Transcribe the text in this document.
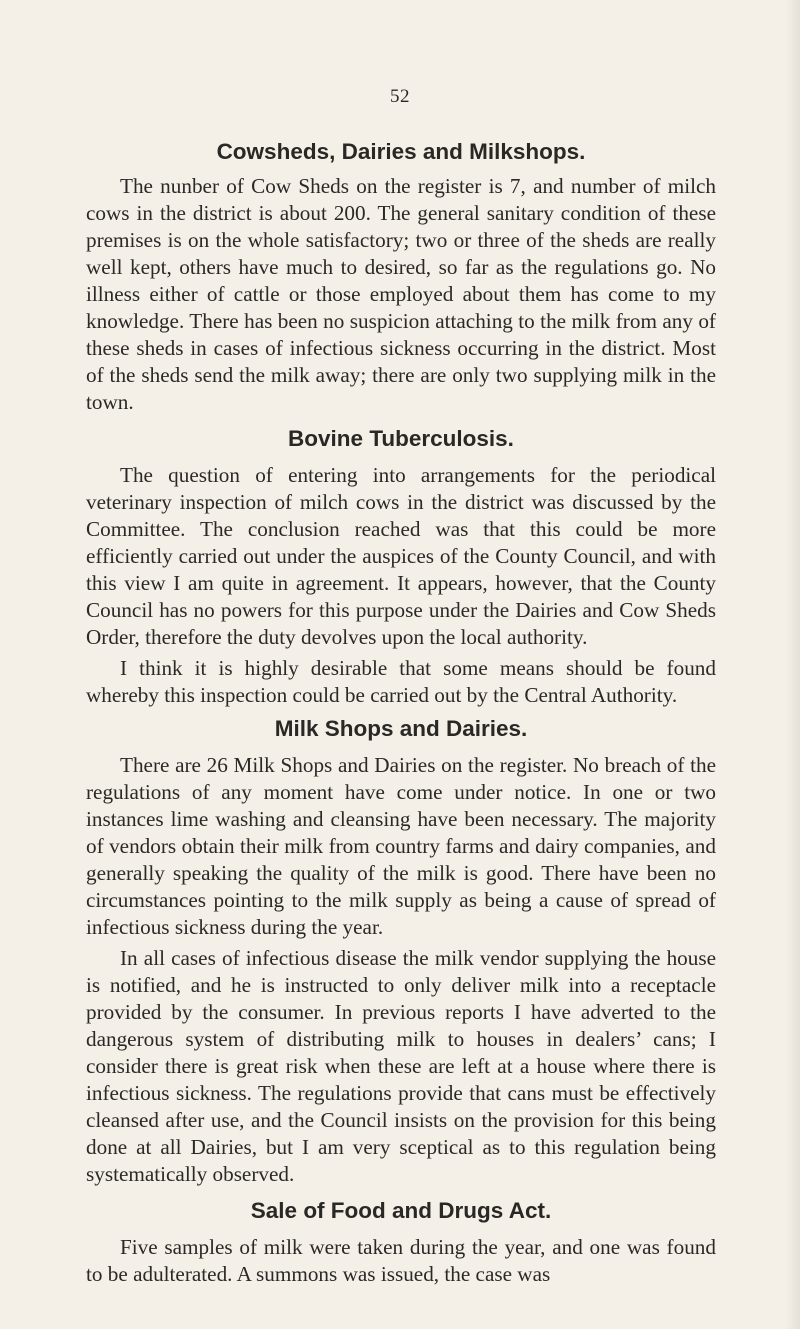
52
Cowsheds, Dairies and Milkshops.

The nunber of Cow Sheds on the register is 7, and number of milch cows in the district is about 200. The general sanitary condition of these premises is on the whole satisfactory; two or three of the sheds are really well kept, others have much to desired, so far as the regulations go. No illness either of cattle or those employed about them has come to my knowledge. There has been no suspicion attaching to the milk from any of these sheds in cases of infectious sickness occurring in the district. Most of the sheds send the milk away; there are only two supplying milk in the town.

Bovine Tuberculosis.

The question of entering into arrangements for the periodical veterinary inspection of milch cows in the district was discussed by the Committee. The conclusion reached was that this could be more efficiently carried out under the auspices of the County Council, and with this view I am quite in agreement. It appears, however, that the County Council has no powers for this purpose under the Dairies and Cow Sheds Order, therefore the duty devolves upon the local authority.

I think it is highly desirable that some means should be found whereby this inspection could be carried out by the Central Authority.

Milk Shops and Dairies.

There are 26 Milk Shops and Dairies on the register. No breach of the regulations of any moment have come under notice. In one or two instances lime washing and cleansing have been necessary. The majority of vendors obtain their milk from country farms and dairy companies, and generally speaking the quality of the milk is good. There have been no circumstances pointing to the milk supply as being a cause of spread of infectious sickness during the year.

In all cases of infectious disease the milk vendor supplying the house is notified, and he is instructed to only deliver milk into a receptacle provided by the consumer. In previous reports I have adverted to the dangerous system of distributing milk to houses in dealers’ cans; I consider there is great risk when these are left at a house where there is infectious sickness. The regulations provide that cans must be effectively cleansed after use, and the Council insists on the provision for this being done at all Dairies, but I am very sceptical as to this regulation being systematically observed.

Sale of Food and Drugs Act.

Five samples of milk were taken during the year, and one was found to be adulterated. A summons was issued, the case was
